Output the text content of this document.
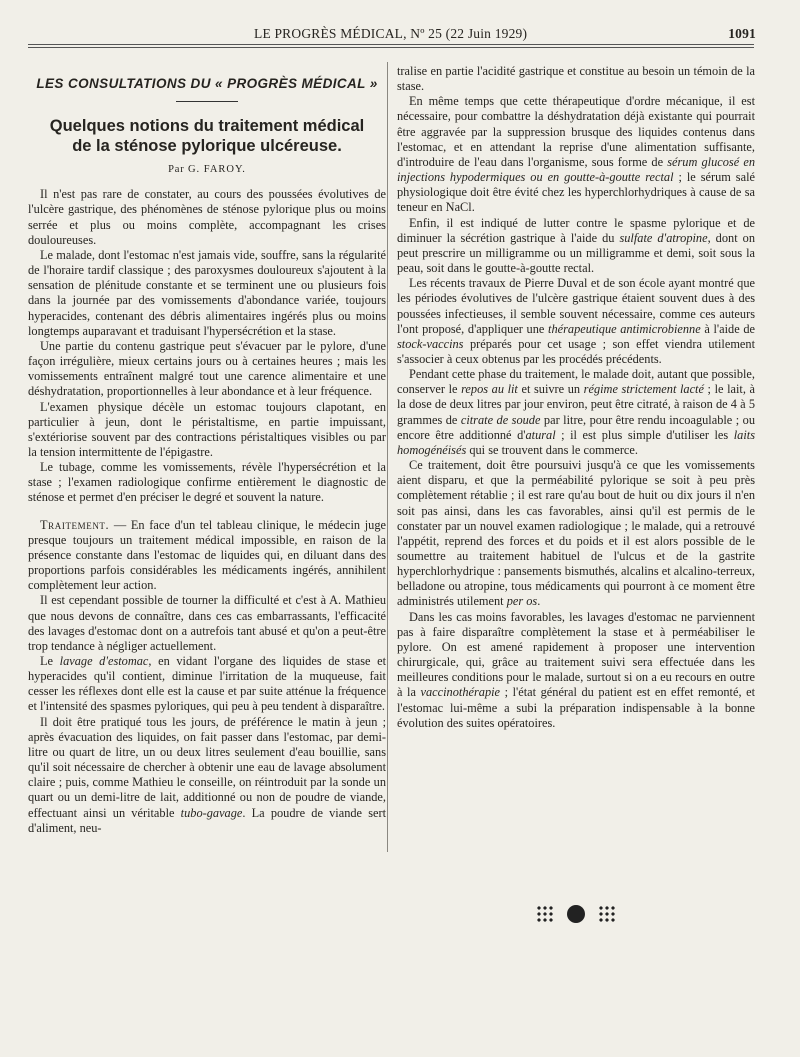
LE PROGRÈS MÉDICAL, Nº 25 (22 Juin 1929)	1091
LES CONSULTATIONS DU « PROGRÈS MÉDICAL »
Quelques notions du traitement médical
de la sténose pylorique ulcéreuse.
Par G. FAROY.

Il n'est pas rare de constater, au cours des poussées évolutives de l'ulcère gastrique, des phénomènes de sténose pylorique plus ou moins serrée et plus ou moins complète, accompagnant les crises douloureuses.

Le malade, dont l'estomac n'est jamais vide, souffre, sans la régularité de l'horaire tardif classique ; des paroxysmes douloureux s'ajoutent à la sensation de plénitude constante et se terminent une ou plusieurs fois dans la journée par des vomissements d'abondance variée, toujours hyperacides, contenant des débris alimentaires ingérés plus ou moins longtemps auparavant et traduisant l'hypersécrétion et la stase.

Une partie du contenu gastrique peut s'évacuer par le pylore, d'une façon irrégulière, mieux certains jours ou à certaines heures ; mais les vomissements entraînent malgré tout une carence alimentaire et une déshydratation, proportionnelles à leur abondance et à leur fréquence.

L'examen physique décèle un estomac toujours clapotant, en particulier à jeun, dont le péristaltisme, en partie impuissant, s'extériorise souvent par des contractions péristaltiques visibles ou par la tension intermittente de l'épigastre.

Le tubage, comme les vomissements, révèle l'hypersécrétion et la stase ; l'examen radiologique confirme entièrement le diagnostic de sténose et permet d'en préciser le degré et souvent la nature.

Traitement. — En face d'un tel tableau clinique, le médecin juge presque toujours un traitement médical impossible, en raison de la présence constante dans l'estomac de liquides qui, en diluant dans des proportions parfois considérables les médicaments ingérés, annihilent complètement leur action.

Il est cependant possible de tourner la difficulté et c'est à A. Mathieu que nous devons de connaître, dans ces cas embarrassants, l'efficacité des lavages d'estomac dont on a autrefois tant abusé et qu'on a peut-être trop tendance à négliger actuellement.

Le lavage d'estomac, en vidant l'organe des liquides de stase et hyperacides qu'il contient, diminue l'irritation de la muqueuse, fait cesser les réflexes dont elle est la cause et par suite atténue la fréquence et l'intensité des spasmes pyloriques, qui peu à peu tendent à disparaître.

Il doit être pratiqué tous les jours, de préférence le matin à jeun ; après évacuation des liquides, on fait passer dans l'estomac, par demi-litre ou quart de litre, un ou deux litres seulement d'eau bouillie, sans qu'il soit nécessaire de chercher à obtenir une eau de lavage absolument claire ; puis, comme Mathieu le conseille, on réintroduit par la sonde un quart ou un demi-litre de lait, additionné ou non de poudre de viande, effectuant ainsi un véritable tubo-gavage. La poudre de viande sert d'aliment, neu-

tralise en partie l'acidité gastrique et constitue au besoin un témoin de la stase.

En même temps que cette thérapeutique d'ordre mécanique, il est nécessaire, pour combattre la déshydratation déjà existante qui pourrait être aggravée par la suppression brusque des liquides contenus dans l'estomac, et en attendant la reprise d'une alimentation suffisante, d'introduire de l'eau dans l'organisme, sous forme de sérum glucosé en injections hypodermiques ou en goutte-à-goutte rectal ; le sérum salé physiologique doit être évité chez les hyperchlorhydriques à cause de sa teneur en NaCl.

Enfin, il est indiqué de lutter contre le spasme pylorique et de diminuer la sécrétion gastrique à l'aide du sulfate d'atropine, dont on peut prescrire un milligramme ou un milligramme et demi, soit sous la peau, soit dans le goutte-à-goutte rectal.

Les récents travaux de Pierre Duval et de son école ayant montré que les périodes évolutives de l'ulcère gastrique étaient souvent dues à des poussées infectieuses, il semble souvent nécessaire, comme ces auteurs l'ont proposé, d'appliquer une thérapeutique antimicrobienne à l'aide de stock-vaccins préparés pour cet usage ; son effet viendra utilement s'associer à ceux obtenus par les procédés précédents.

Pendant cette phase du traitement, le malade doit, autant que possible, conserver le repos au lit et suivre un régime strictement lacté ; le lait, à la dose de deux litres par jour environ, peut être citraté, à raison de 4 à 5 grammes de citrate de soude par litre, pour être rendu incoagulable ; ou encore être additionné d'atural ; il est plus simple d'utiliser les laits homogénéisés qui se trouvent dans le commerce.

Ce traitement, doit être poursuivi jusqu'à ce que les vomissements aient disparu, et que la perméabilité pylorique se soit à peu près complètement rétablie ; il est rare qu'au bout de huit ou dix jours il n'en soit pas ainsi, dans les cas favorables, ainsi qu'il est permis de le constater par un nouvel examen radiologique ; le malade, qui a retrouvé l'appétit, reprend des forces et du poids et il est alors possible de le soumettre au traitement habituel de l'ulcus et de la gastrite hyperchlorhydrique : pansements bismuthés, alcalins et alcalino-terreux, belladone ou atropine, tous médicaments qui pourront à ce moment être administrés utilement per os.

Dans les cas moins favorables, les lavages d'estomac ne parviennent pas à faire disparaître complètement la stase et à perméabiliser le pylore. On est amené rapidement à proposer une intervention chirurgicale, qui, grâce au traitement suivi sera effectuée dans les meilleures conditions pour le malade, surtout si on a eu recours en outre à la vaccinothérapie ; l'état général du patient est en effet remonté, et l'estomac lui-même a subi la préparation indispensable à la bonne évolution des suites opératoires.
